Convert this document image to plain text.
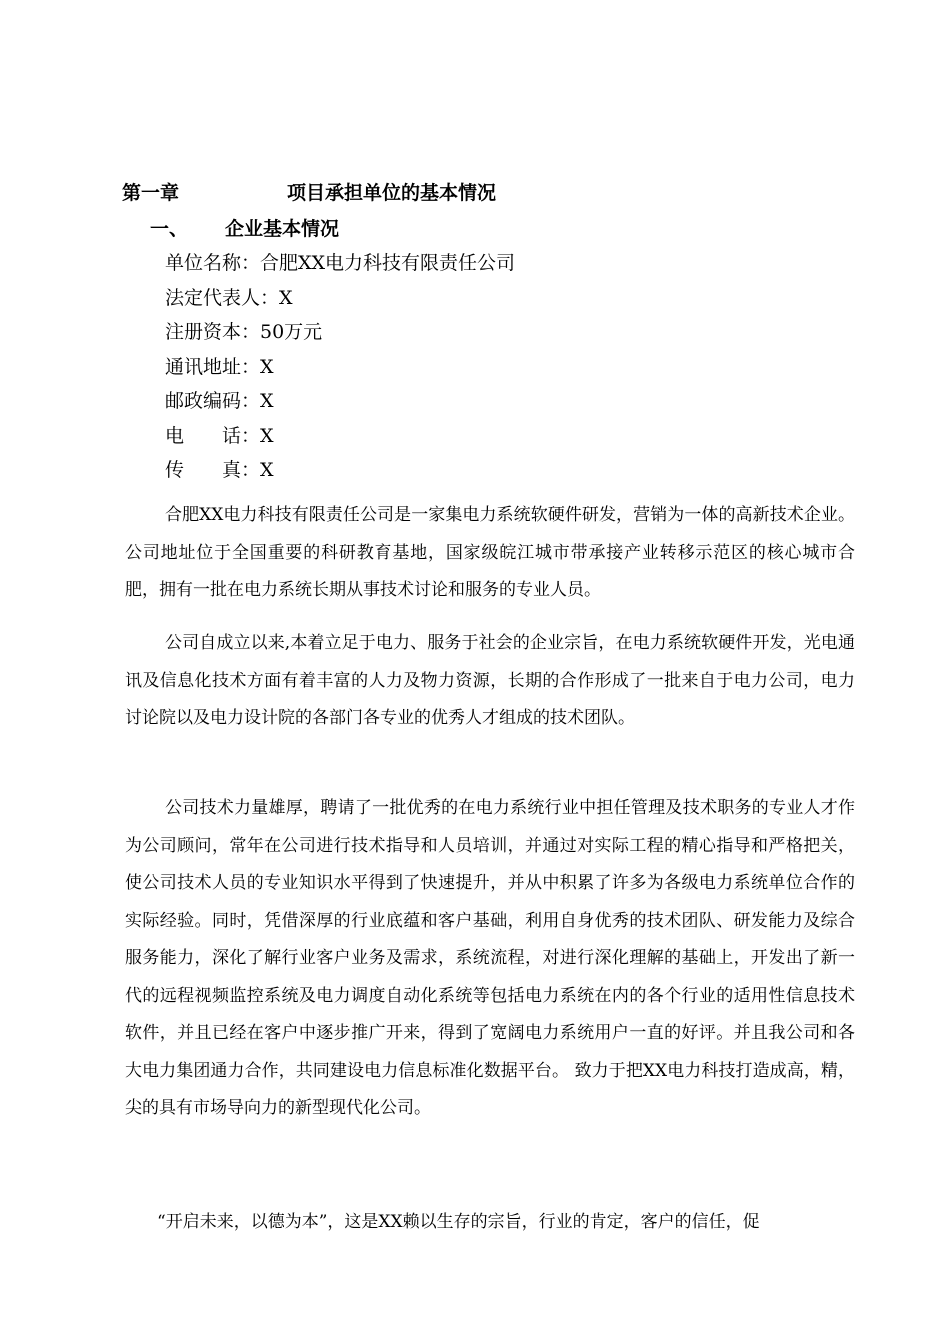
第一章	项目承担单位的基本情况
一、 企业基本情况
单位名称：合肥XX电力科技有限责任公司
法定代表人：X
注册资本：50万元
通讯地址：X
邮政编码：X
电　　话：X
传　　真：X

合肥XX电力科技有限责任公司是一家集电力系统软硬件研发，营销为一体的高新技术企业。公司地址位于全国重要的科研教育基地，国家级皖江城市带承接产业转移示范区的核心城市合肥，拥有一批在电力系统长期从事技术讨论和服务的专业人员。

公司自成立以来,本着立足于电力、服务于社会的企业宗旨，在电力系统软硬件开发，光电通讯及信息化技术方面有着丰富的人力及物力资源，长期的合作形成了一批来自于电力公司，电力讨论院以及电力设计院的各部门各专业的优秀人才组成的技术团队。

公司技术力量雄厚，聘请了一批优秀的在电力系统行业中担任管理及技术职务的专业人才作为公司顾问，常年在公司进行技术指导和人员培训，并通过对实际工程的精心指导和严格把关，使公司技术人员的专业知识水平得到了快速提升，并从中积累了许多为各级电力系统单位合作的实际经验。同时，凭借深厚的行业底蕴和客户基础，利用自身优秀的技术团队、研发能力及综合服务能力，深化了解行业客户业务及需求，系统流程，对进行深化理解的基础上，开发出了新一代的远程视频监控系统及电力调度自动化系统等包括电力系统在内的各个行业的适用性信息技术软件，并且已经在客户中逐步推广开来，得到了宽阔电力系统用户一直的好评。并且我公司和各大电力集团通力合作，共同建设电力信息标准化数据平台。 致力于把XX电力科技打造成高，精，尖的具有市场导向力的新型现代化公司。

“开启未来，以德为本”，这是XX赖以生存的宗旨，行业的肯定，客户的信任，促
